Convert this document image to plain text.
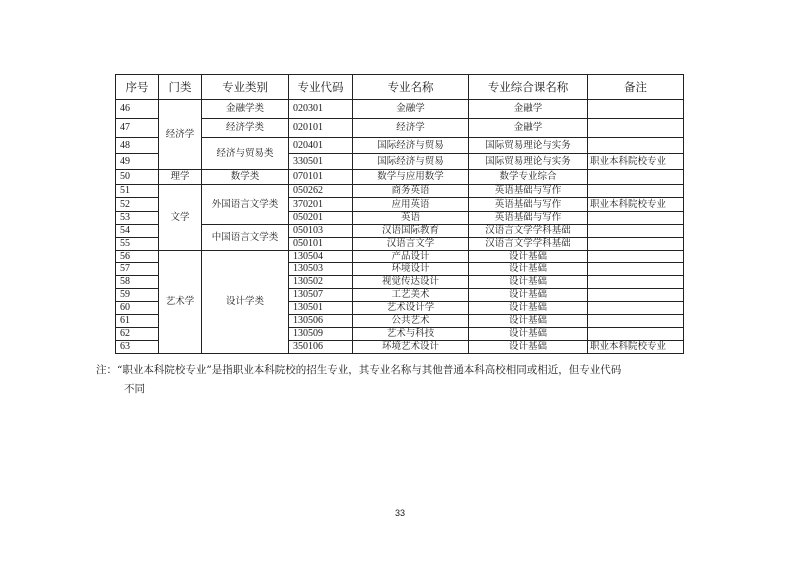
序号	门类	专业类别	专业代码	专业名称	专业综合课名称	备注
46	经济学	金融学类	020301	金融学	金融学	
47		经济学类	020101	经济学	金融学	
48		经济与贸易类	020401	国际经济与贸易	国际贸易理论与实务	
49			330501	国际经济与贸易	国际贸易理论与实务	职业本科院校专业
50	理学	数学类	070101	数学与应用数学	数学专业综合	
51	文学	外国语言文学类	050262	商务英语	英语基础与写作	
52			370201	应用英语	英语基础与写作	职业本科院校专业
53			050201	英语	英语基础与写作	
54		中国语言文学类	050103	汉语国际教育	汉语言文学学科基础	
55			050101	汉语言文学	汉语言文学学科基础	
56	艺术学	设计学类	130504	产品设计	设计基础	
57			130503	环境设计	设计基础	
58			130502	视觉传达设计	设计基础	
59			130507	工艺美术	设计基础	
60			130501	艺术设计学	设计基础	
61			130506	公共艺术	设计基础	
62			130509	艺术与科技	设计基础	
63			350106	环境艺术设计	设计基础	职业本科院校专业
注：“职业本科院校专业”是指职业本科院校的招生专业，其专业名称与其他普通本科高校相同或相近，但专业代码
不同
33
